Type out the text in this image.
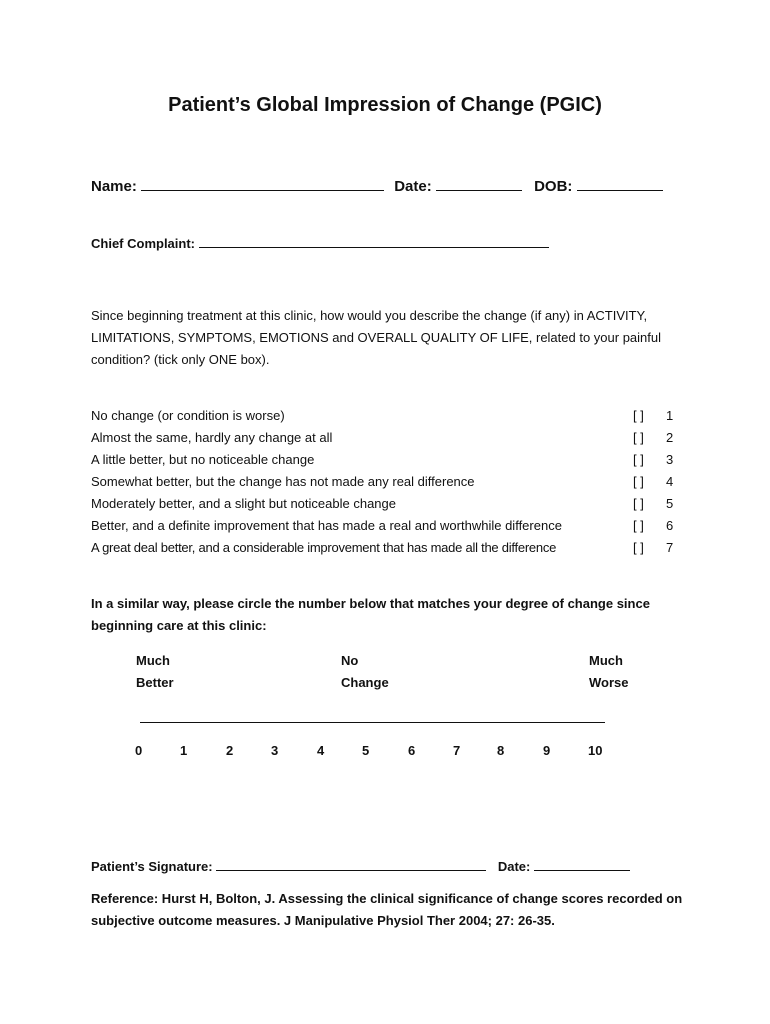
Patient’s Global Impression of Change (PGIC)
Name:	Date:	DOB:
Chief Complaint:
Since beginning treatment at this clinic, how would you describe the change (if any) in ACTIVITY, LIMITATIONS, SYMPTOMS, EMOTIONS and OVERALL QUALITY OF LIFE, related to your painful condition? (tick only ONE box).
No change (or condition is worse)	[ ] 1
Almost the same, hardly any change at all	[ ] 2
A little better, but no noticeable change	[ ] 3
Somewhat better, but the change has not made any real difference	[ ] 4
Moderately better, and a slight but noticeable change	[ ] 5
Better, and a definite improvement that has made a real and worthwhile difference	[ ] 6
A great deal better, and a considerable improvement that has made all the difference	[ ] 7
In a similar way, please circle the number below that matches your degree of change since beginning care at this clinic:
Much
Better
No
Change
Much
Worse
0	1	2	3	4	5	6	7	8	9	10
Patient’s Signature:	Date:
Reference: Hurst H, Bolton, J. Assessing the clinical significance of change scores recorded on subjective outcome measures. J Manipulative Physiol Ther 2004; 27: 26-35.
